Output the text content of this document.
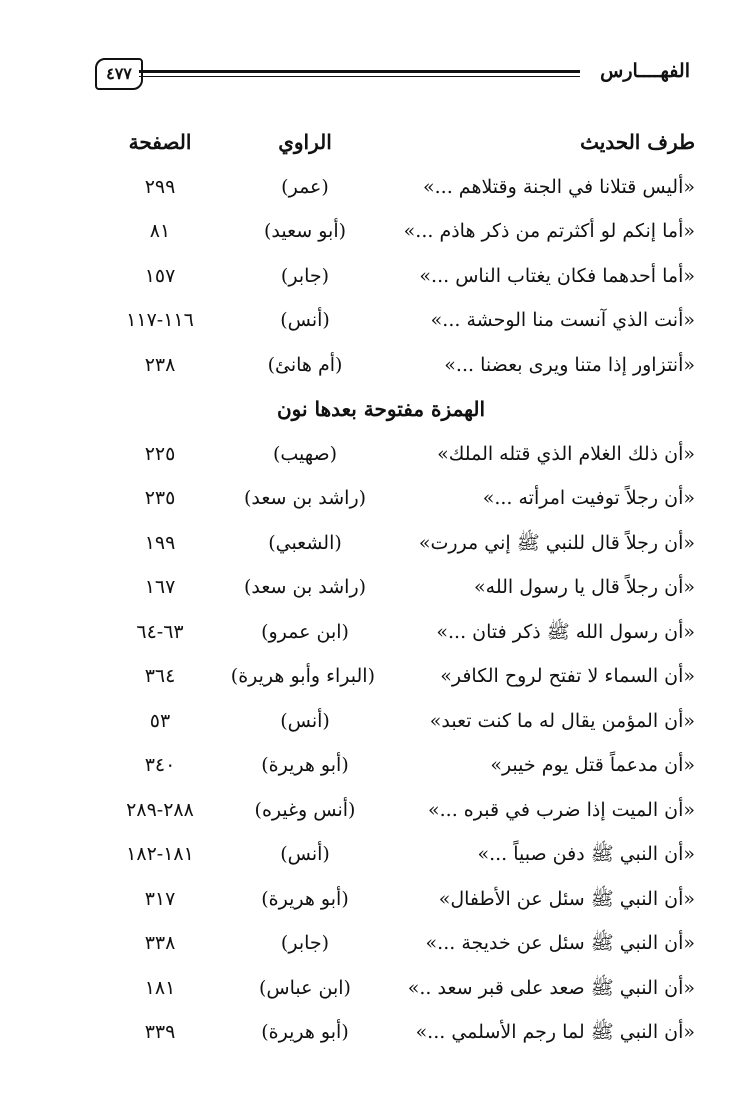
الفهــــارس
٤٧٧
طرف الحديث
الراوي
الصفحة
«أليس قتلانا في الجنة وقتلاهم ...»
(عمر)
٢٩٩
«أما إنكم لو أكثرتم من ذكر هاذم ...»
(أبو سعيد)
٨١
«أما أحدهما فكان يغتاب الناس ...»
(جابر)
١٥٧
«أنت الذي آنست منا الوحشة ...»
(أنس)
١١٦-١١٧
«أنتزاور إذا متنا ويرى بعضنا ...»
(أم هانئ)
٢٣٨
الهمزة مفتوحة بعدها نون
«أن ذلك الغلام الذي قتله الملك»
(صهيب)
٢٢٥
«أن رجلاً توفيت امرأته ...»
(راشد بن سعد)
٢٣٥
«أن رجلاً قال للنبي ﷺ إني مررت»
(الشعبي)
١٩٩
«أن رجلاً قال يا رسول الله»
(راشد بن سعد)
١٦٧
«أن رسول الله ﷺ ذكر فتان ...»
(ابن عمرو)
٦٣-٦٤
«أن السماء لا تفتح لروح الكافر»
(البراء وأبو هريرة)
٣٦٤
«أن المؤمن يقال له ما كنت تعبد»
(أنس)
٥٣
«أن مدعماً قتل يوم خيبر»
(أبو هريرة)
٣٤٠
«أن الميت إذا ضرب في قبره ...»
(أنس وغيره)
٢٨٨-٢٨٩
«أن النبي ﷺ دفن صبياً ...»
(أنس)
١٨١-١٨٢
«أن النبي ﷺ سئل عن الأطفال»
(أبو هريرة)
٣١٧
«أن النبي ﷺ سئل عن خديجة ...»
(جابر)
٣٣٨
«أن النبي ﷺ صعد على قبر سعد ..»
(ابن عباس)
١٨١
«أن النبي ﷺ لما رجم الأسلمي ...»
(أبو هريرة)
٣٣٩
